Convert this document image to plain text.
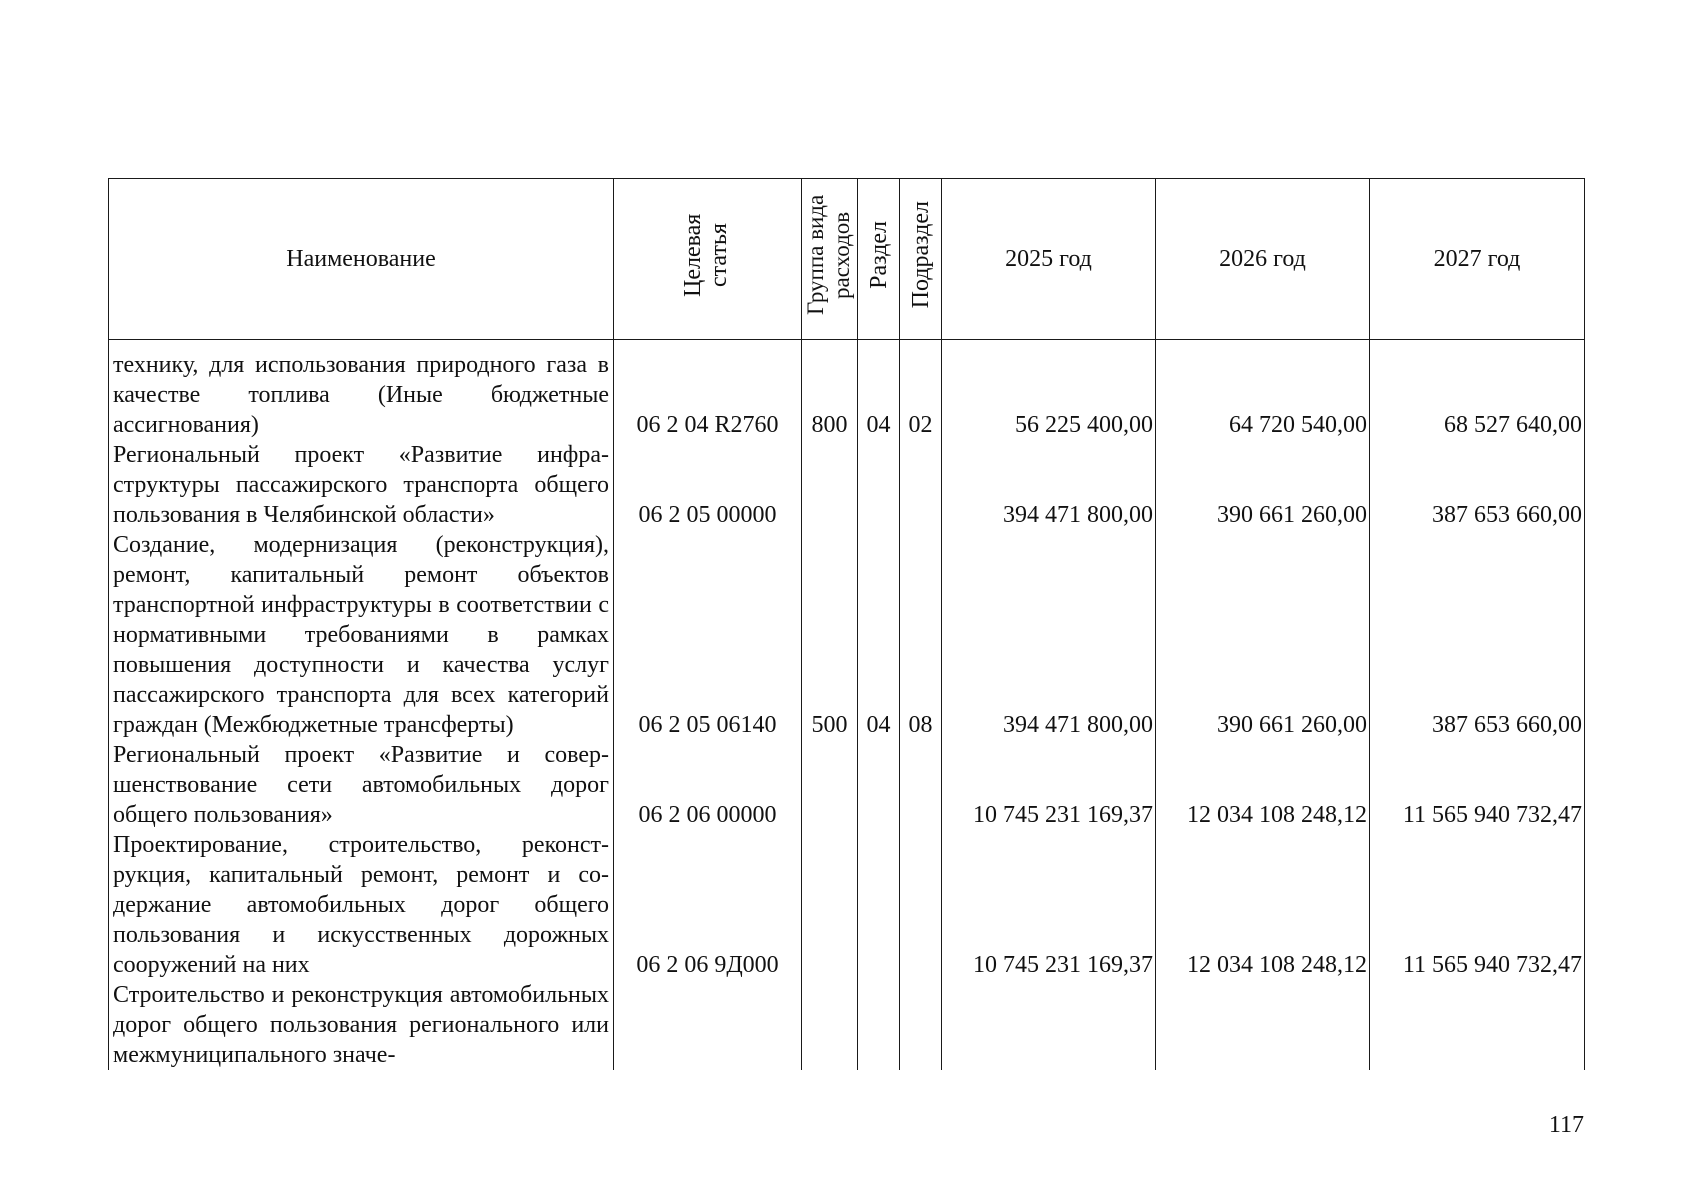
Наименование	Целевая статья	Группа вида расходов	Раздел	Подраздел	2025 год	2026 год	2027 год
технику, для использования природного газа в качестве топлива (Иные бюджетные ассигнования)	06 2 04 R2760	800	04	02	56 225 400,00	64 720 540,00	68 527 640,00
Региональный проект «Развитие инфраструктуры пассажирского транспорта общего пользования в Челябинской области»	06 2 05 00000				394 471 800,00	390 661 260,00	387 653 660,00
Создание, модернизация (реконструкция), ремонт, капитальный ремонт объектов транспортной инфраструктуры в соответствии с нормативными требованиями в рамках повышения доступности и качества услуг пассажирского транспорта для всех категорий граждан (Межбюджетные трансферты)	06 2 05 06140	500	04	08	394 471 800,00	390 661 260,00	387 653 660,00
Региональный проект «Развитие и совершенствование сети автомобильных дорог общего пользования»	06 2 06 00000				10 745 231 169,37	12 034 108 248,12	11 565 940 732,47
Проектирование, строительство, реконструкция, капитальный ремонт, ремонт и содержание автомобильных дорог общего пользования и искусственных дорожных сооружений на них	06 2 06 9Д000				10 745 231 169,37	12 034 108 248,12	11 565 940 732,47
Строительство и реконструкция автомобильных дорог общего пользования регионального или межмуниципального значе-							
117
